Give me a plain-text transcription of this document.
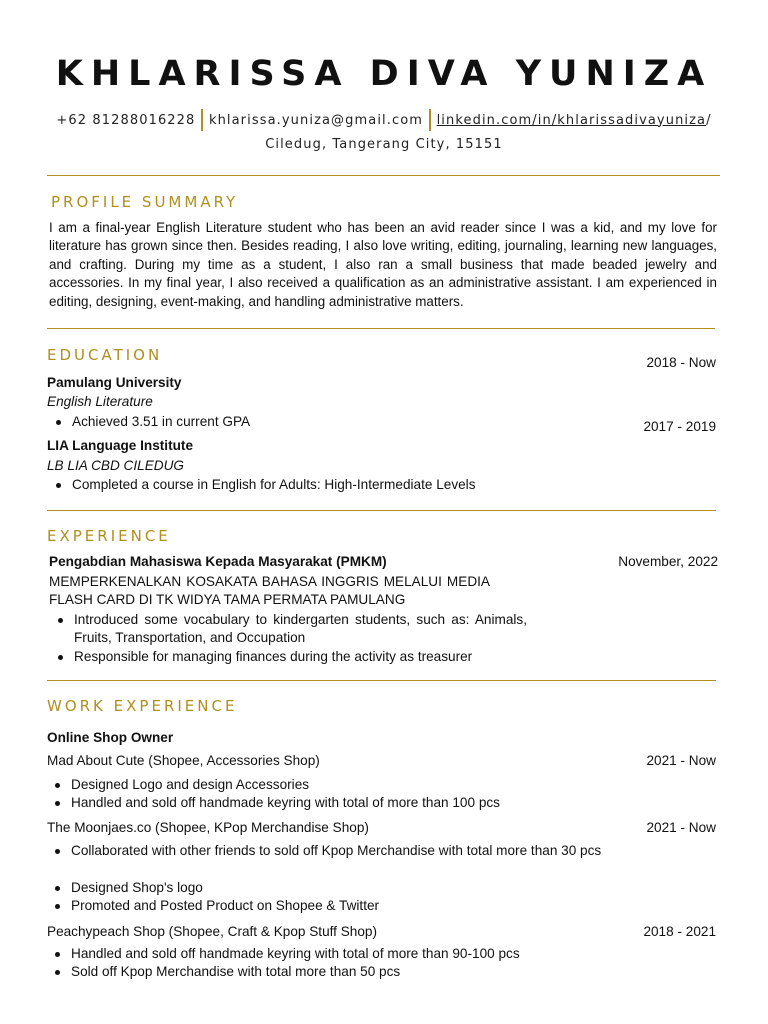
KHLARISSA DIVA YUNIZA
+62 81288016228 khlarissa.yuniza@gmail.com linkedin.com/in/khlarissadivayuniza /
Ciledug, Tangerang City, 15151
PROFILE SUMMARY
I am a final-year English Literature student who has been an avid reader since I was a kid, and my love for literature has grown since then. Besides reading, I also love writing, editing, journaling, learning new languages, and crafting. During my time as a student, I also ran a small business that made beaded jewelry and accessories. In my final year, I also received a qualification as an administrative assistant. I am experienced in editing, designing, event-making, and handling administrative matters.
EDUCATION	2018 - Now
Pamulang University
English Literature
Achieved 3.51 in current GPA	2017 - 2019
LIA Language Institute
LB LIA CBD CILEDUG
Completed a course in English for Adults: High-Intermediate Levels
EXPERIENCE
Pengabdian Mahasiswa Kepada Masyarakat (PMKM)	November, 2022
MEMPERKENALKAN KOSAKATA BAHASA INGGRIS MELALUI MEDIA
FLASH CARD DI TK WIDYA TAMA PERMATA PAMULANG
Introduced some vocabulary to kindergarten students, such as: Animals, Fruits, Transportation, and Occupation
Responsible for managing finances during the activity as treasurer
WORK EXPERIENCE
Online Shop Owner
Mad About Cute (Shopee, Accessories Shop)	2021 - Now
Designed Logo and design Accessories
Handled and sold off handmade keyring with total of more than 100 pcs
The Moonjaes.co (Shopee, KPop Merchandise Shop)	2021 - Now
Collaborated with other friends to sold off Kpop Merchandise with total more than 30 pcs
Designed Shop's logo
Promoted and Posted Product on Shopee & Twitter
Peachypeach Shop (Shopee, Craft & Kpop Stuff Shop)	2018 - 2021
Handled and sold off handmade keyring with total of more than 90-100 pcs
Sold off Kpop Merchandise with total more than 50 pcs
